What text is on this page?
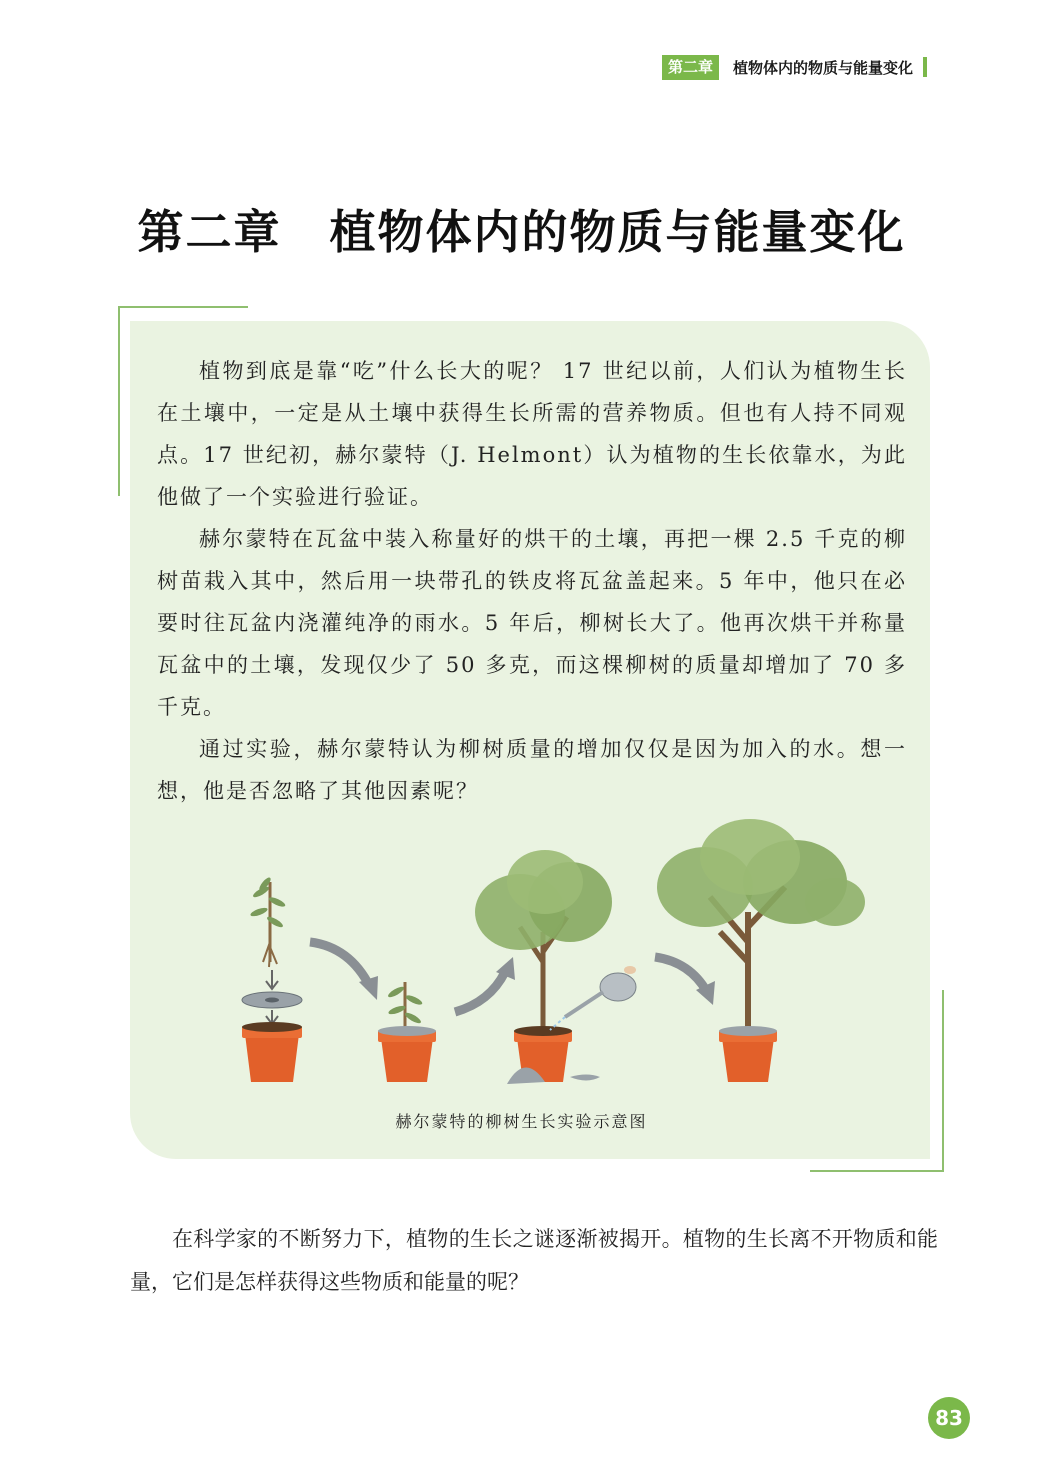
第二章	植物体内的物质与能量变化
第二章　植物体内的物质与能量变化

植物到底是靠“吃”什么长大的呢？ 17 世纪以前，人们认为植物生长在土壤中，一定是从土壤中获得生长所需的营养物质。但也有人持不同观点。17 世纪初，赫尔蒙特（J. Helmont）认为植物的生长依靠水，为此他做了一个实验进行验证。

赫尔蒙特在瓦盆中装入称量好的烘干的土壤，再把一棵 2.5 千克的柳树苗栽入其中，然后用一块带孔的铁皮将瓦盆盖起来。5 年中，他只在必要时往瓦盆内浇灌纯净的雨水。5 年后，柳树长大了。他再次烘干并称量瓦盆中的土壤，发现仅少了 50 多克，而这棵柳树的质量却增加了 70 多千克。

通过实验，赫尔蒙特认为柳树质量的增加仅仅是因为加入的水。想一想，他是否忽略了其他因素呢？

赫尔蒙特的柳树生长实验示意图

在科学家的不断努力下，植物的生长之谜逐渐被揭开。植物的生长离不开物质和能量，它们是怎样获得这些物质和能量的呢？

83
